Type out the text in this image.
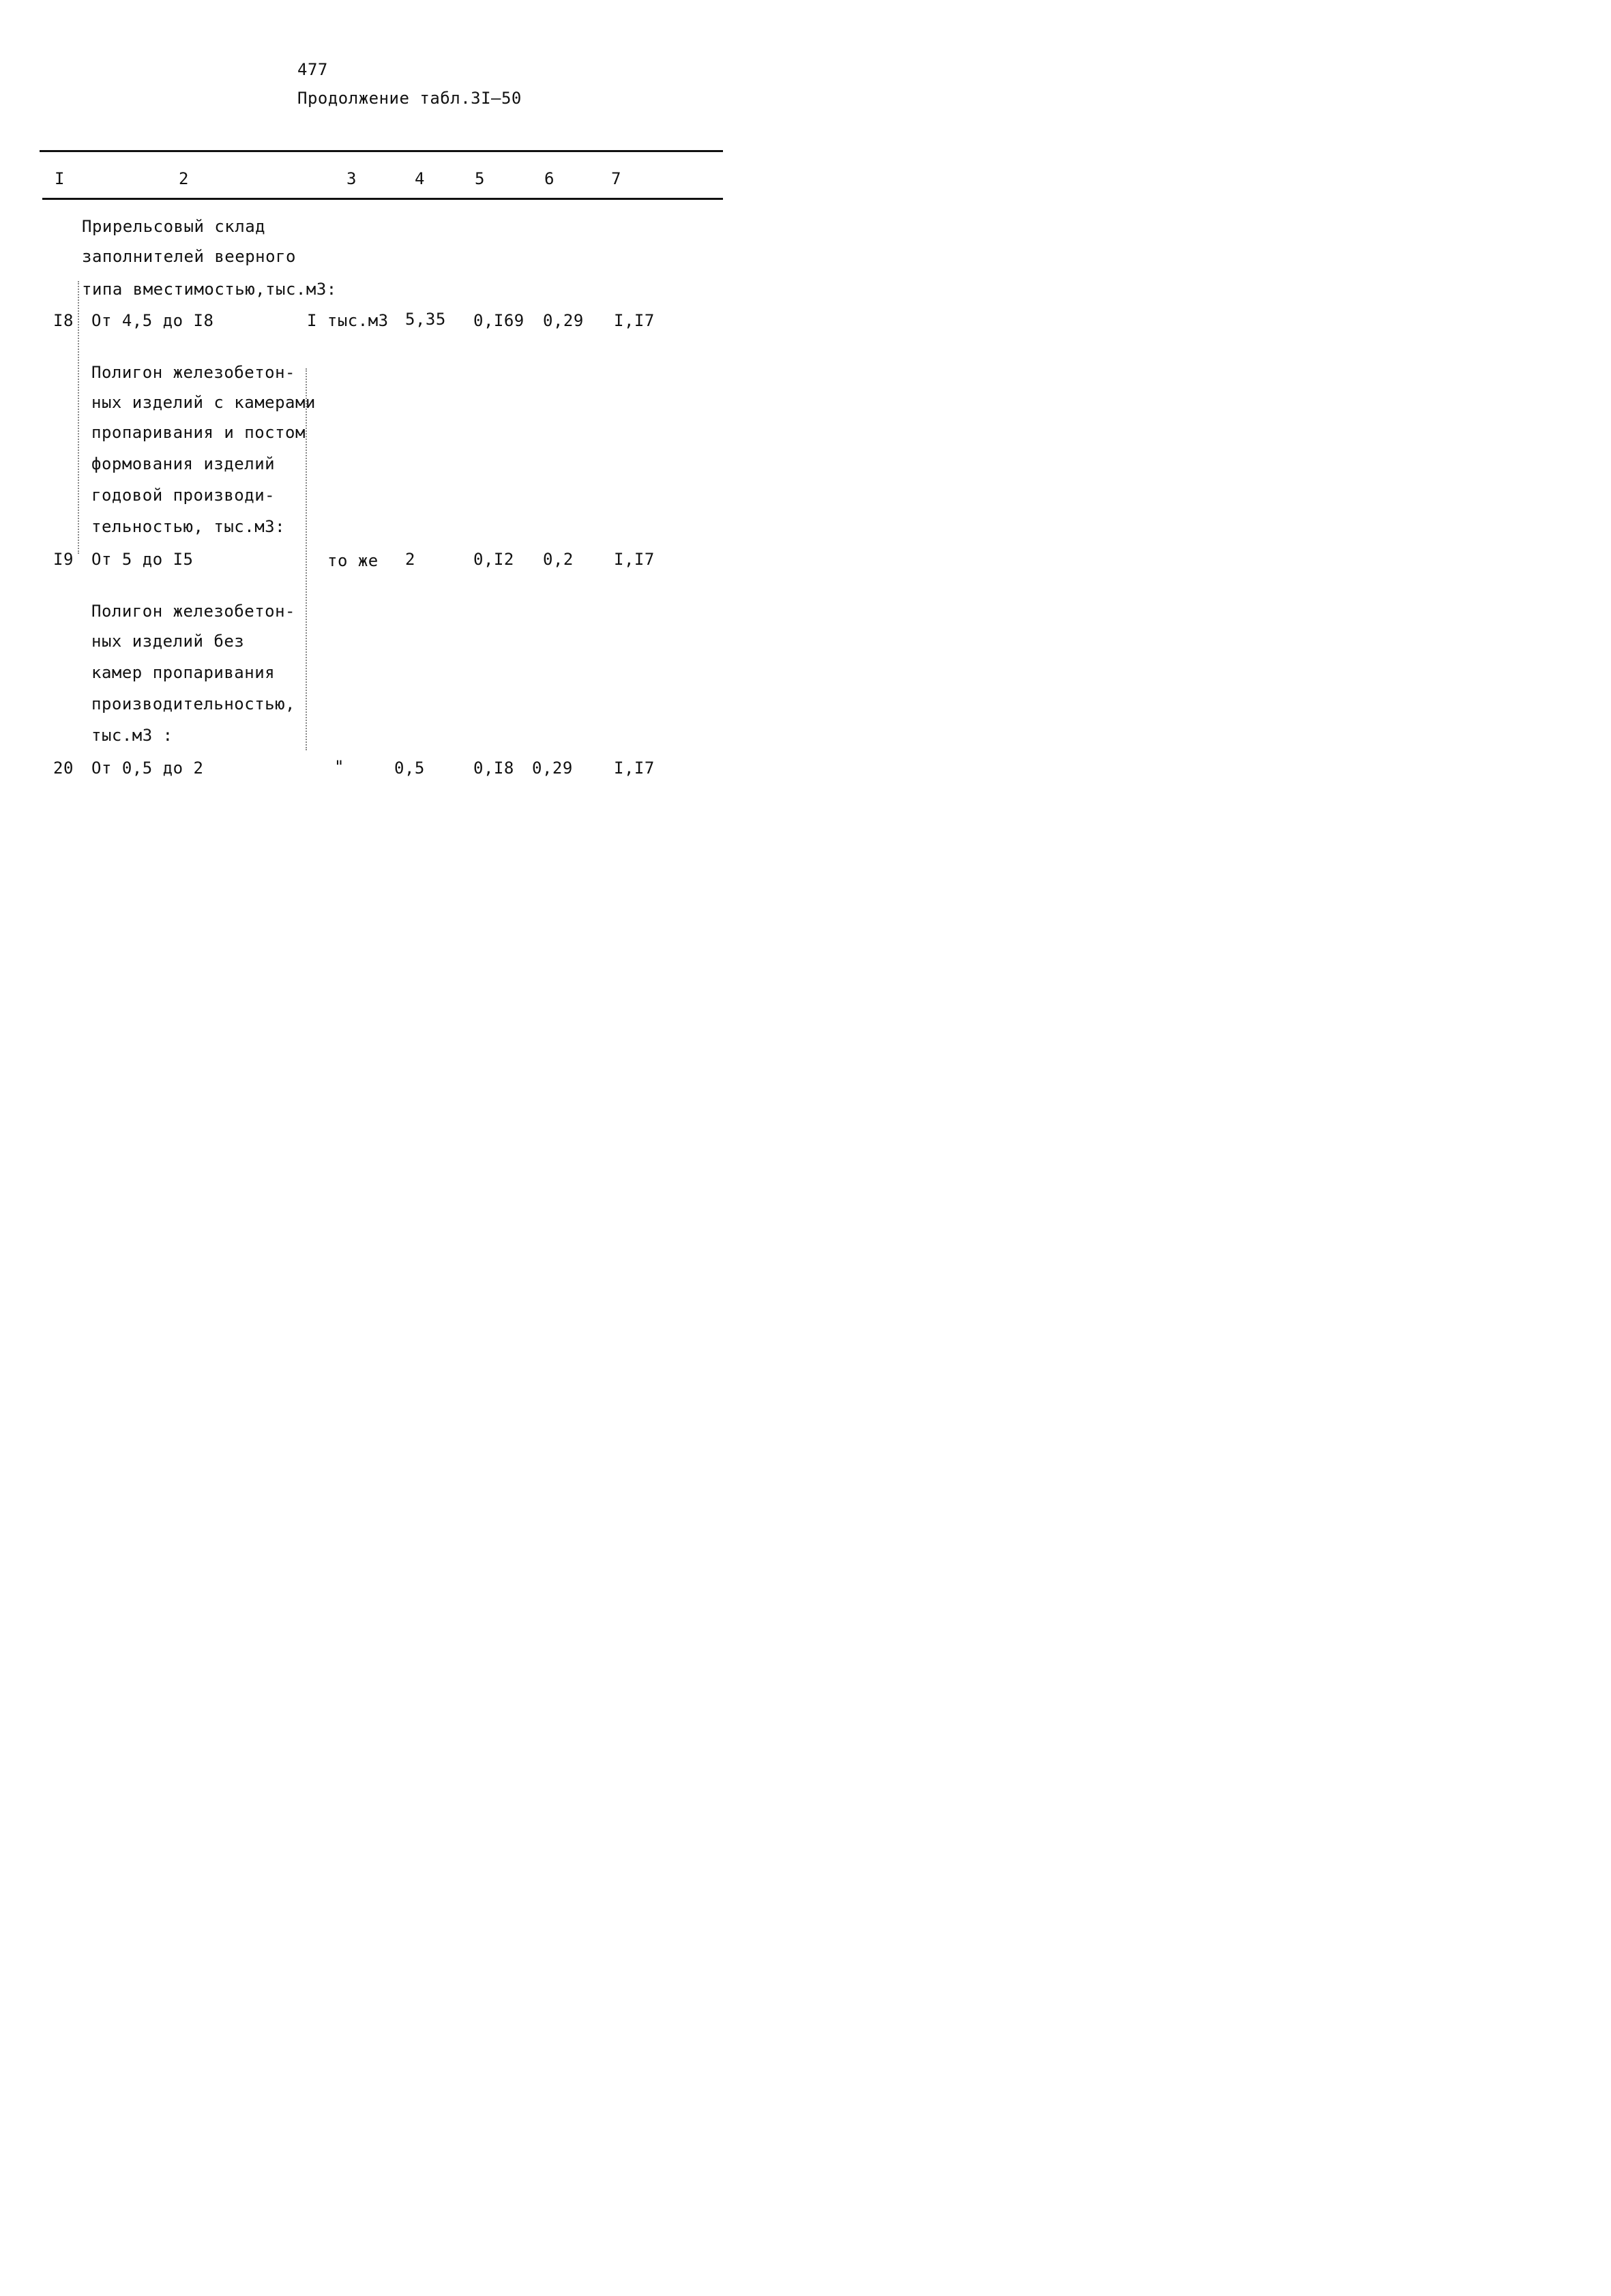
477
Продолжение табл.3I–50
I	2	3	4	5	6	7
Прирельсовый склад
заполнителей веерного
типа вместимостью,тыс.м3:
I8 От 4,5 до I8	I тыс.м3 5,35 0,I69 0,29 I,I7
Полигон железобетон-
ных изделий с камерами
пропаривания и постом
формования изделий
годовой производи-
тельностью, тыс.м3:
I9 От 5 до I5	то же 2	0,I2 0,2 I,I7
Полигон железобетон-
ных изделий без
камер пропаривания
производительностью,
тыс.м3 :
20 От 0,5 до 2	"	0,5	0,I8 0,29	I,I7
